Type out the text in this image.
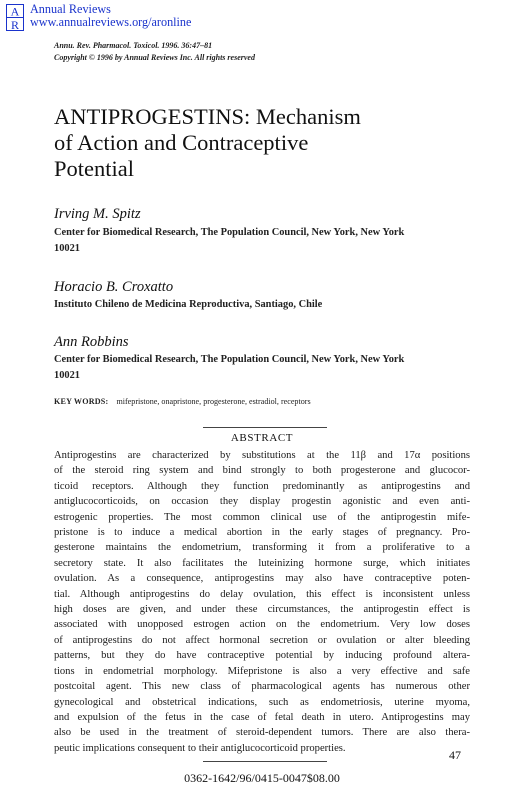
A
R
Annual Reviews
www.annualreviews.org/aronline
Annu. Rev. Pharmacol. Toxicol. 1996. 36:47–81
Copyright © 1996 by Annual Reviews Inc. All rights reserved
ANTIPROGESTINS: Mechanism
of Action and Contraceptive
Potential
Irving M. Spitz
Center for Biomedical Research, The Population Council, New York, New York
10021
Horacio B. Croxatto
Instituto Chileno de Medicina Reproductiva, Santiago, Chile
Ann Robbins
Center for Biomedical Research, The Population Council, New York, New York
10021
KEY WORDS: mifepristone, onapristone, progesterone, estradiol, receptors
ABSTRACT
Antiprogestins are characterized by substitutions at the 11β and 17α positions
of the steroid ring system and bind strongly to both progesterone and glucocor-
ticoid receptors. Although they function predominantly as antiprogestins and
antiglucocorticoids, on occasion they display progestin agonistic and even anti-
estrogenic properties. The most common clinical use of the antiprogestin mife-
pristone is to induce a medical abortion in the early stages of pregnancy. Pro-
gesterone maintains the endometrium, transforming it from a proliferative to a
secretory state. It also facilitates the luteinizing hormone surge, which initiates
ovulation. As a consequence, antiprogestins may also have contraceptive poten-
tial. Although antiprogestins do delay ovulation, this effect is inconsistent unless
high doses are given, and under these circumstances, the antiprogestin effect is
associated with unopposed estrogen action on the endometrium. Very low doses
of antiprogestins do not affect hormonal secretion or ovulation or alter bleeding
patterns, but they do have contraceptive potential by inducing profound altera-
tions in endometrial morphology. Mifepristone is also a very effective and safe
postcoital agent. This new class of pharmacological agents has numerous other
gynecological and obstetrical indications, such as endometriosis, uterine myoma,
and expulsion of the fetus in the case of fetal death in utero. Antiprogestins may
also be used in the treatment of steroid-dependent tumors. There are also thera-
peutic implications consequent to their antiglucocorticoid properties.	47
0362-1642/96/0415-0047$08.00
